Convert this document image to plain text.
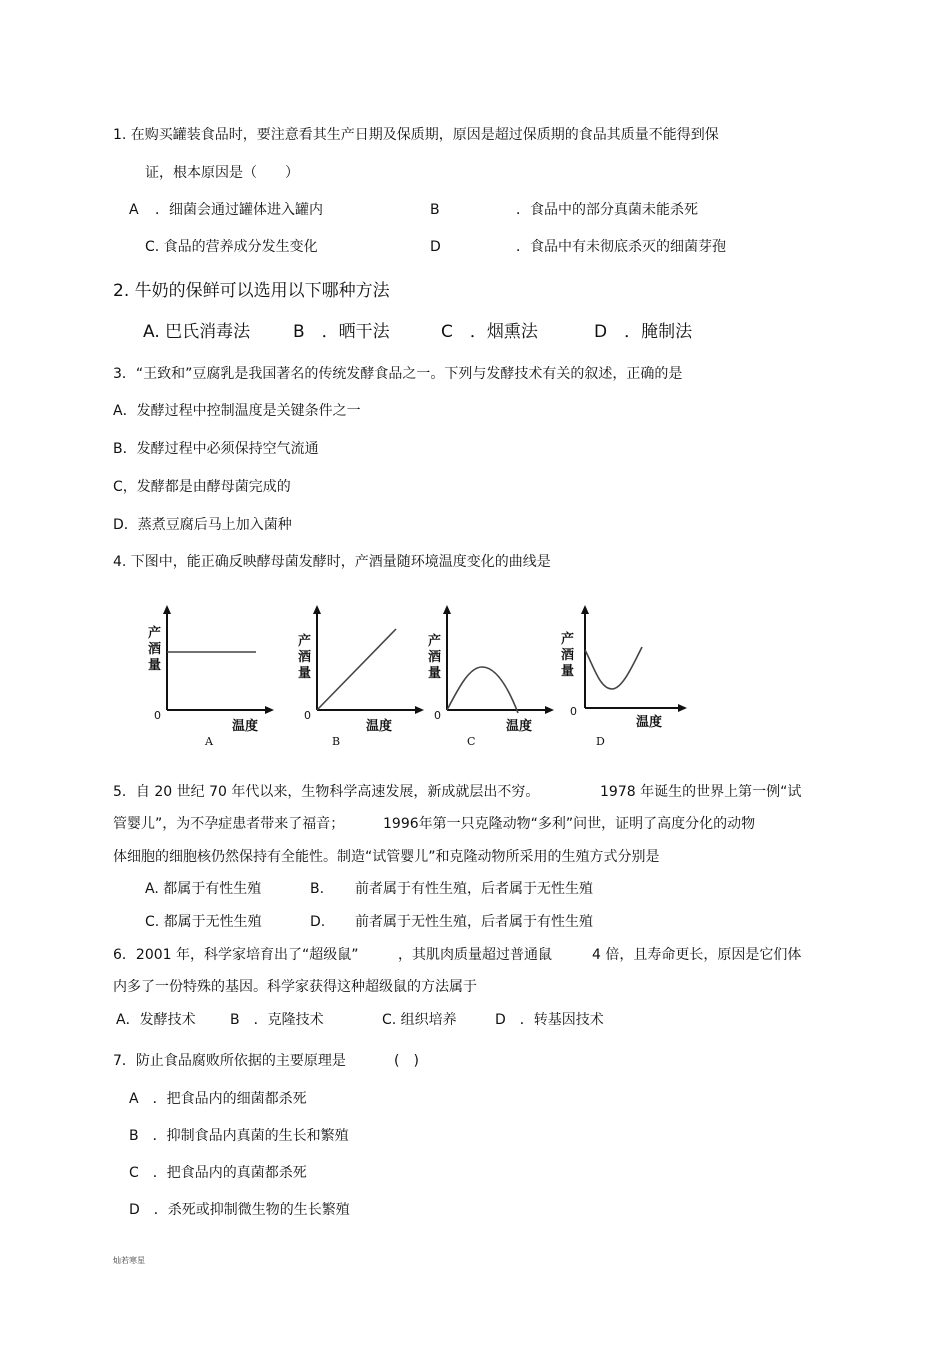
1. 在购买罐装食品时，要注意看其生产日期及保质期，原因是超过保质期的食品其质量不能得到保
证，根本原因是（　　）
A ．细菌会通过罐体进入罐内	B	．食品中的部分真菌未能杀死
C. 食品的营养成分发生变化	D	．食品中有未彻底杀灭的细菌芽孢
2. 牛奶的保鲜可以选用以下哪种方法
A. 巴氏消毒法	B　．晒干法	C　．烟熏法	D　．腌制法
3．“王致和”豆腐乳是我国著名的传统发酵食品之一。下列与发酵技术有关的叙述，正确的是
A．发酵过程中控制温度是关键条件之一
B．发酵过程中必须保持空气流通
C，发酵都是由酵母菌完成的
D．蒸煮豆腐后马上加入菌种
4. 下图中，能正确反映酵母菌发酵时，产酒量随环境温度变化的曲线是
产
酒
量
0
温度
A
产
酒
量
0
温度
B
产
酒
量
0
温度
C
产
酒
量
0
温度
D
5．自 20 世纪 70 年代以来，生物科学高速发展，新成就层出不穷。	1978 年诞生的世界上第一例“试
管婴儿”，为不孕症患者带来了福音；	1996年第一只克隆动物“多利”问世，证明了高度分化的动物
体细胞的细胞核仍然保持有全能性。制造“试管婴儿”和克隆动物所采用的生殖方式分别是
A. 都属于有性生殖	B. 前者属于有性生殖，后者属于无性生殖
C. 都属于无性生殖	D. 前者属于无性生殖，后者属于有性生殖
6．2001 年，科学家培育出了“超级鼠”	，其肌肉质量超过普通鼠	4 倍，且寿命更长，原因是它们体
内多了一份特殊的基因。科学家获得这种超级鼠的方法属于
A．发酵技术 B　．克隆技术	C. 组织培养	D　．转基因技术
7．防止食品腐败所依据的主要原理是	(　)
A　．把食品内的细菌都杀死
B　．抑制食品内真菌的生长和繁殖
C　．把食品内的真菌都杀死
D　．杀死或抑制微生物的生长繁殖
灿若寒星
